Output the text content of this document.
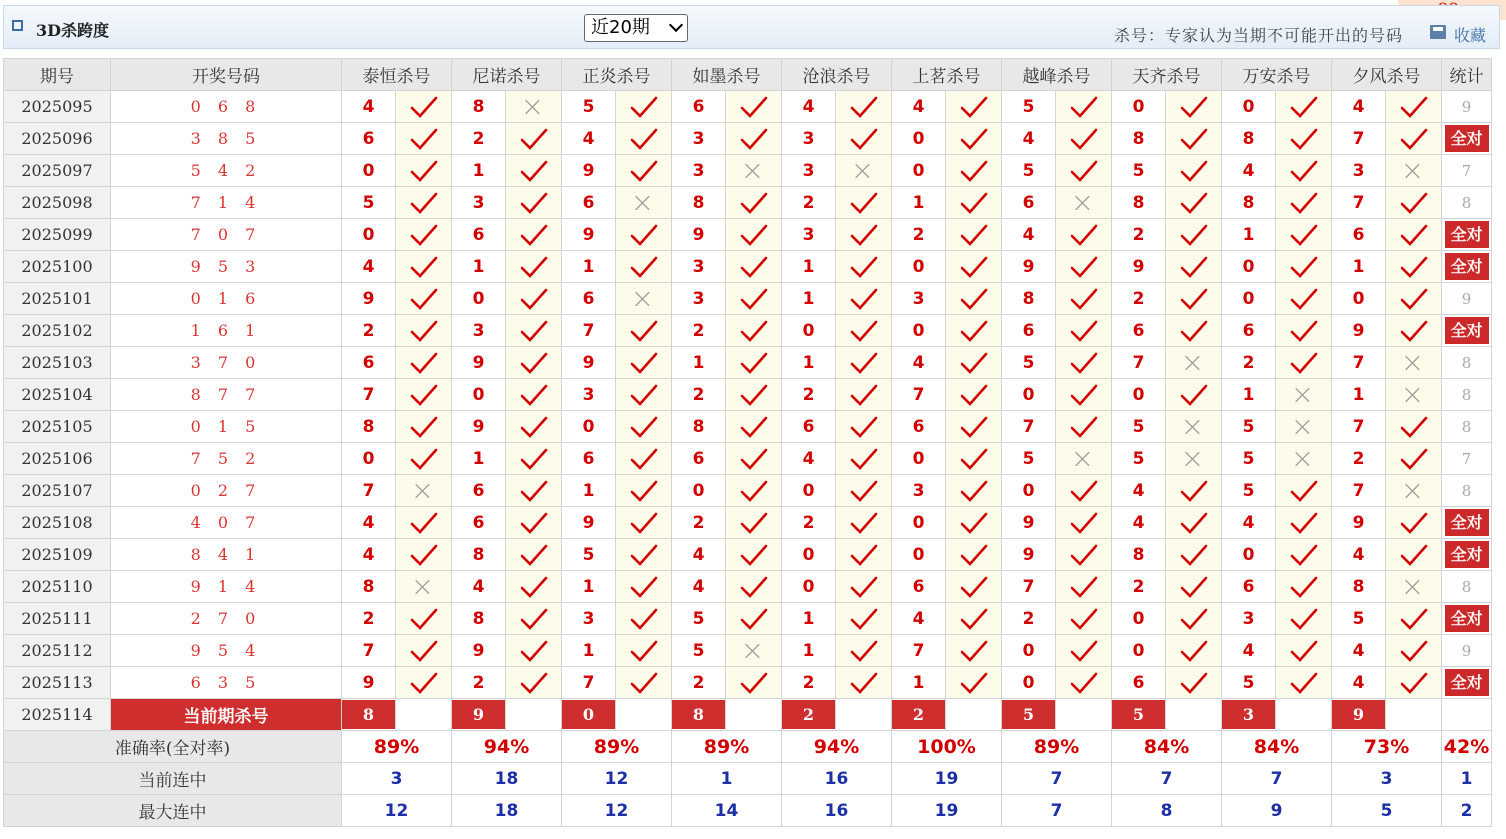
3D杀跨度	近20期	杀号：专家认为当期不可能开出的号码	收藏
期号	开奖号码	泰恒杀号		尼诺杀号		正炎杀号		如墨杀号		沧浪杀号		上茗杀号		越峰杀号		天齐杀号		万安杀号		夕风杀号		统计
2025095	0 6 8	4		8		5		6		4		4		5		0		0		4		9
2025096	3 8 5	6		2		4		3		3		0		4		8		8		7		全对
2025097	5 4 2	0		1		9		3		3		0		5		5		4		3		7
2025098	7 1 4	5		3		6		8		2		1		6		8		8		7		8
2025099	7 0 7	0		6		9		9		3		2		4		2		1		6		全对
2025100	9 5 3	4		1		1		3		1		0		9		9		0		1		全对
2025101	0 1 6	9		0		6		3		1		3		8		2		0		0		9
2025102	1 6 1	2		3		7		2		0		0		6		6		6		9		全对
2025103	3 7 0	6		9		9		1		1		4		5		7		2		7		8
2025104	8 7 7	7		0		3		2		2		7		0		0		1		1		8
2025105	0 1 5	8		9		0		8		6		6		7		5		5		7		8
2025106	7 5 2	0		1		6		6		4		0		5		5		5		2		7
2025107	0 2 7	7		6		1		0		0		3		0		4		5		7		8
2025108	4 0 7	4		6		9		2		2		0		9		4		4		9		全对
2025109	8 4 1	4		8		5		4		0		0		9		8		0		4		全对
2025110	9 1 4	8		4		1		4		0		6		7		2		6		8		8
2025111	2 7 0	2		8		3		5		1		4		2		0		3		5		全对
2025112	9 5 4	7		9		1		5		1		7		0		0		4		4		9
2025113	6 3 5	9		2		7		2		2		1		0		6		5		4		全对
2025114	当前期杀号	8		9		0		8		2		2		5		5		3		9		

准确率(全对率)		89%		94%		89%		89%		94%		100%		89%		84%		84%		73%		42%
当前连中		3		18		12		1		16		19		7		7		7		3		1
最大连中		12		18		12		14		16		19		7		8		9		5		2
